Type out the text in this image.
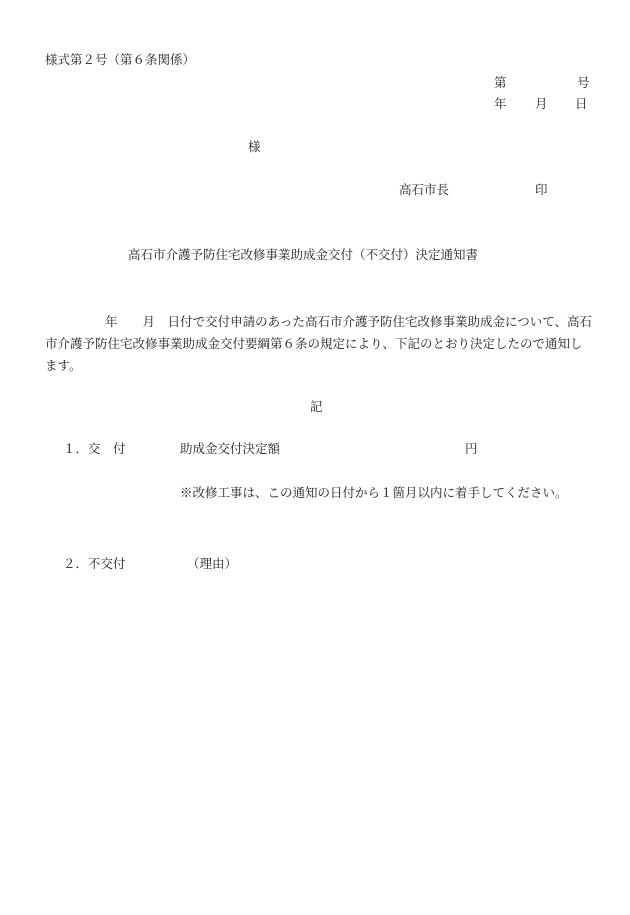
様式第２号（第６条関係）
第	号
年 月 日
様
高石市長	印
高石市介護予防住宅改修事業助成金交付（不交付）決定通知書
年　　 月　 日付で交付申請のあった高石市介護予防住宅改修事業助成金について、高石市介護予防住宅改修事業助成金交付要綱第６条の規定により、下記のとおり決定したので通知します。
記
１．交　付	助成金交付決定額	円
※改修工事は、この通知の日付から１箇月以内に着手してください。
２．不交付	（理由）
